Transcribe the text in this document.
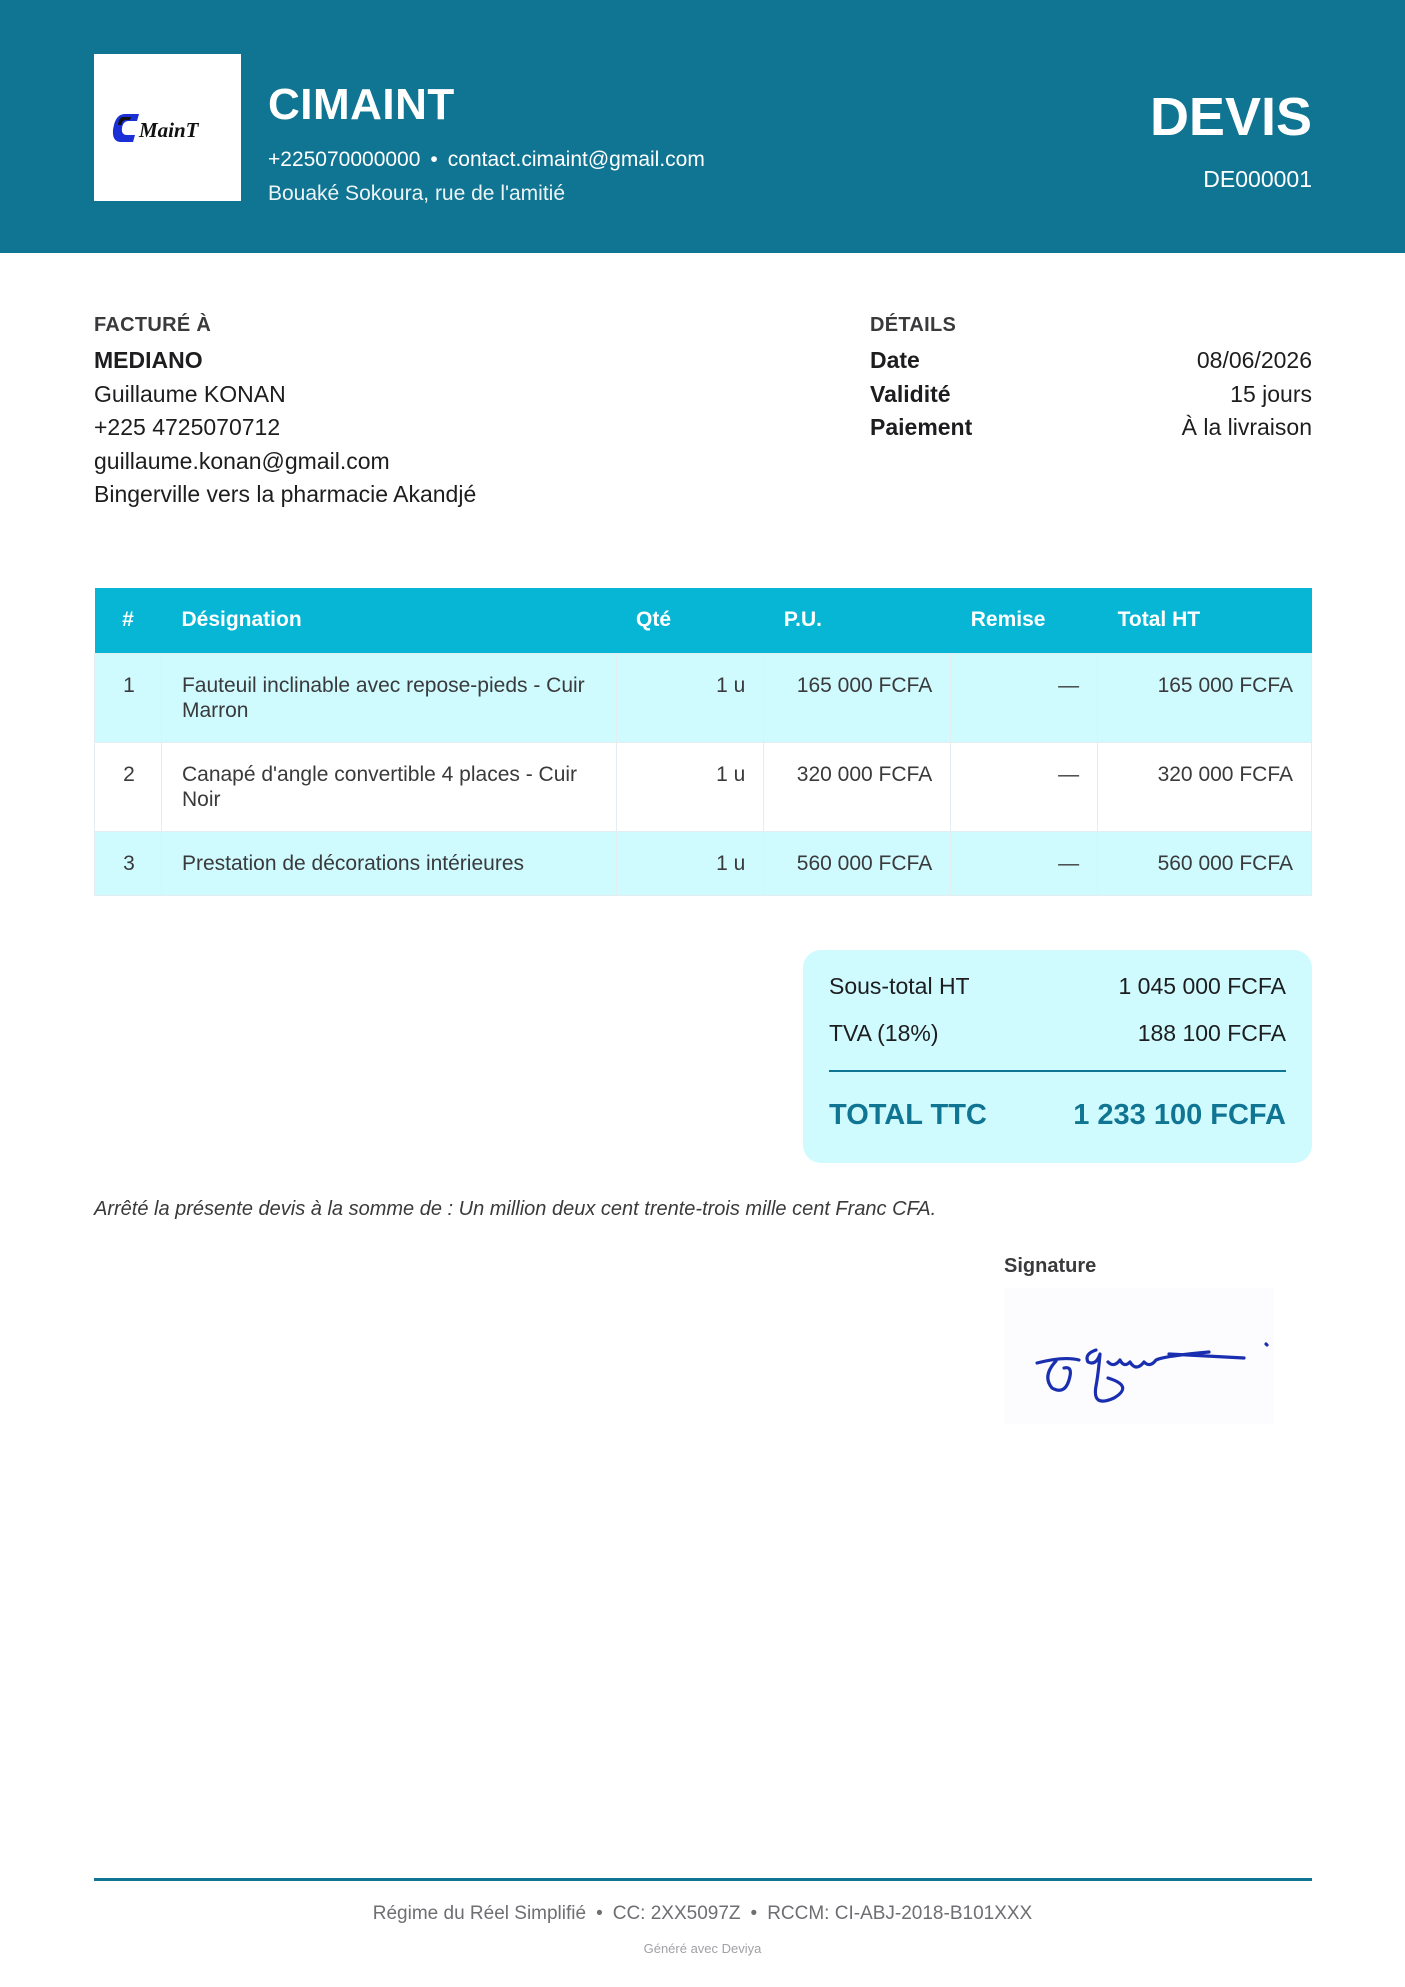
MainT
CIMAINT
+225070000000 • contact.cimaint@gmail.com
Bouaké Sokoura, rue de l'amitié
DEVIS
DE000001
FACTURÉ À
MEDIANO
Guillaume KONAN
+225 4725070712
guillaume.konan@gmail.com
Bingerville vers la pharmacie Akandjé
DÉTAILS
Date	08/06/2026
Validité	15 jours
Paiement	À la livraison
#	Désignation	Qté	P.U.	Remise	Total HT
1	Fauteuil inclinable avec repose-pieds - Cuir Marron	1 u	165 000 FCFA	—	165 000 FCFA
2	Canapé d'angle convertible 4 places - Cuir Noir	1 u	320 000 FCFA	—	320 000 FCFA
3	Prestation de décorations intérieures	1 u	560 000 FCFA	—	560 000 FCFA
Sous-total HT	1 045 000 FCFA
TVA (18%)	188 100 FCFA
TOTAL TTC	1 233 100 FCFA
Arrêté la présente devis à la somme de : Un million deux cent trente-trois mille cent Franc CFA.
Signature
Régime du Réel Simplifié • CC: 2XX5097Z • RCCM: CI-ABJ-2018-B101XXX
Généré avec Deviya
